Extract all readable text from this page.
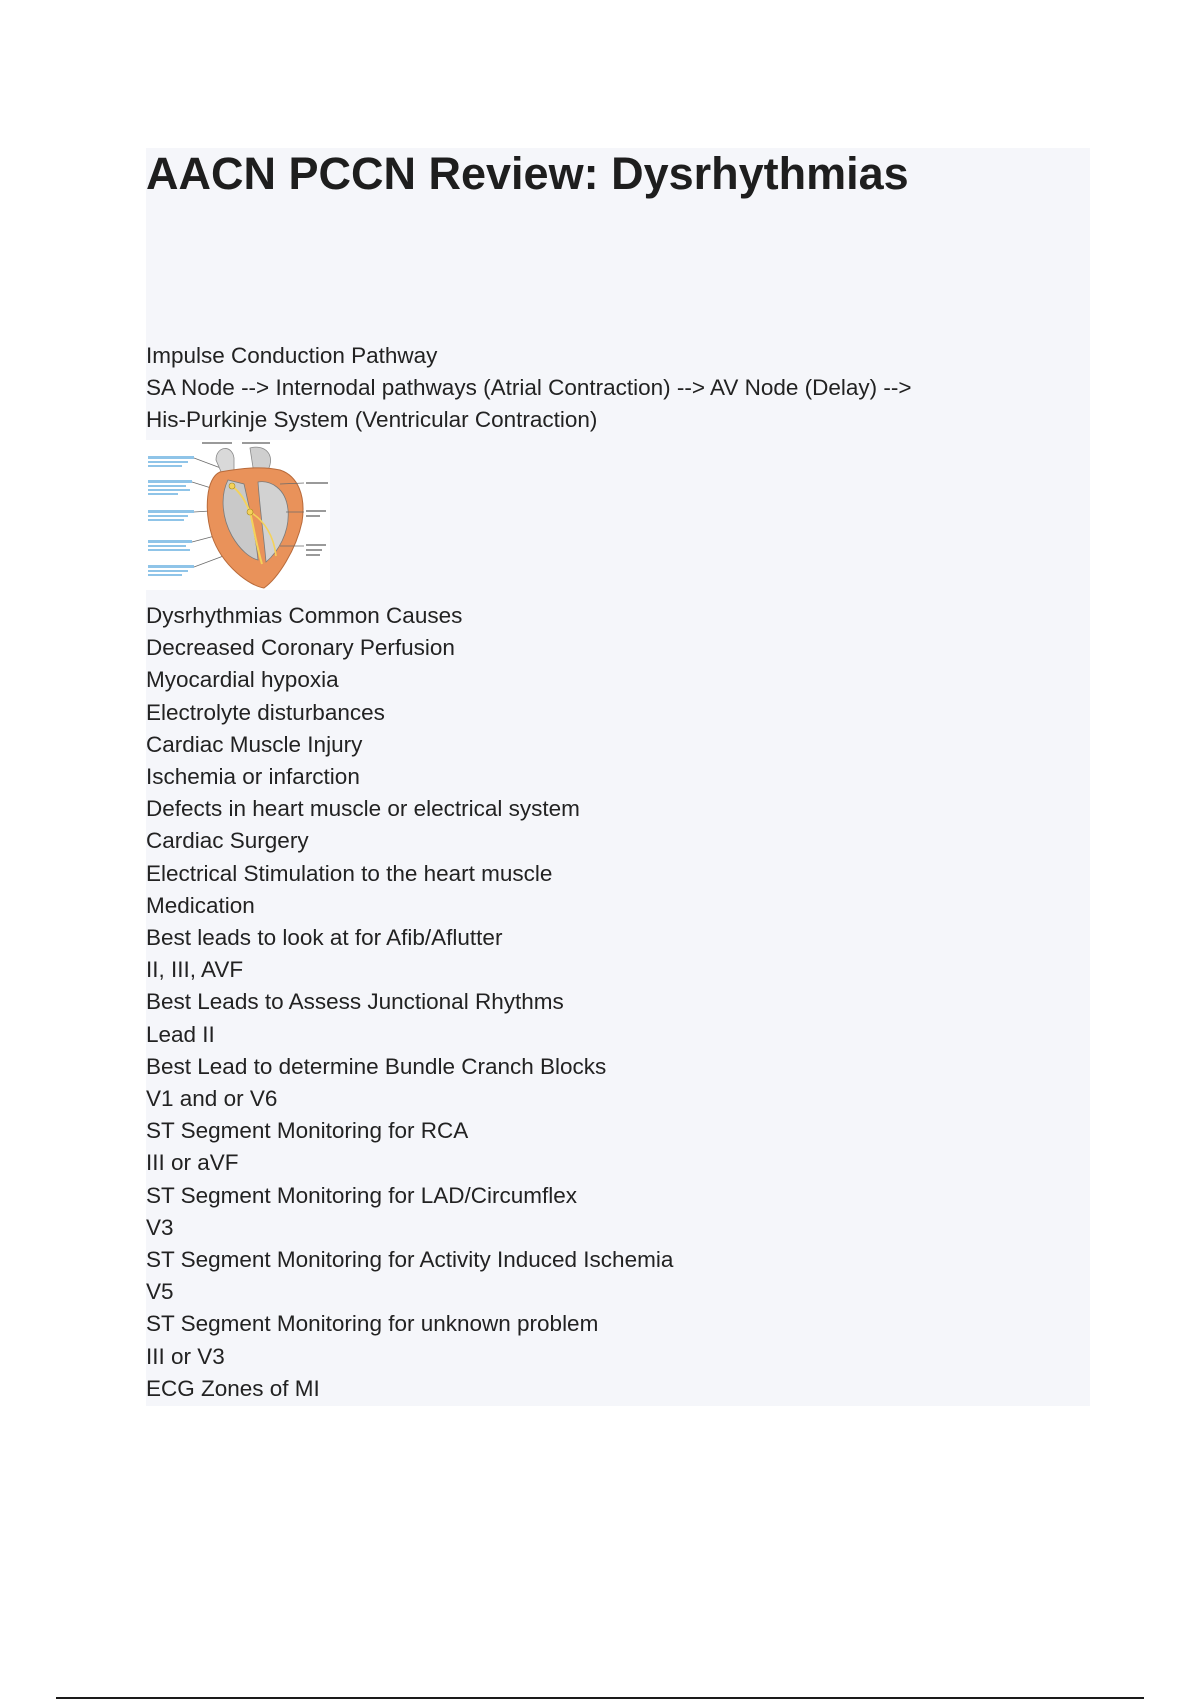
AACN PCCN Review: Dysrhythmias
Impulse Conduction Pathway
SA Node --> Internodal pathways (Atrial Contraction) --> AV Node (Delay) -->
His-Purkinje System (Ventricular Contraction)
Dysrhythmias Common Causes
Decreased Coronary Perfusion
Myocardial hypoxia
Electrolyte disturbances
Cardiac Muscle Injury
Ischemia or infarction
Defects in heart muscle or electrical system
Cardiac Surgery
Electrical Stimulation to the heart muscle
Medication
Best leads to look at for Afib/Aflutter
II, III, AVF
Best Leads to Assess Junctional Rhythms
Lead II
Best Lead to determine Bundle Cranch Blocks
V1 and or V6
ST Segment Monitoring for RCA
III or aVF
ST Segment Monitoring for LAD/Circumflex
V3
ST Segment Monitoring for Activity Induced Ischemia
V5
ST Segment Monitoring for unknown problem
III or V3
ECG Zones of MI
